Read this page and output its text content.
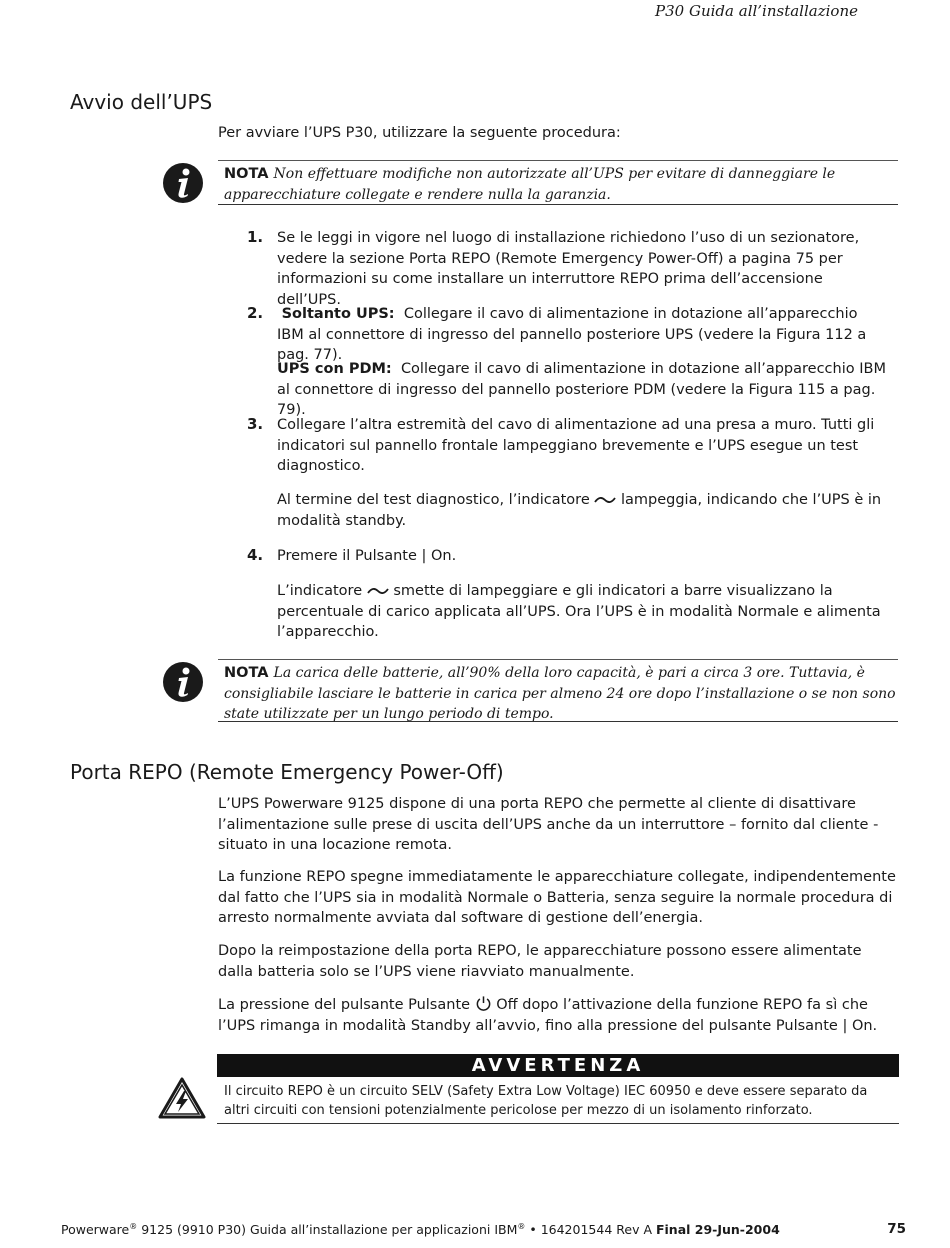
P30 Guida all’installazione
Avvio dell’UPS
Per avviare l’UPS P30, utilizzare la seguente procedura:
NOTA Non effettuare modifiche non autorizzate all’UPS per evitare di danneggiare le apparecchiature collegate e rendere nulla la garanzia.
1. Se le leggi in vigore nel luogo di installazione richiedono l’uso di un sezionatore, vedere la sezione Porta REPO (Remote Emergency Power-Off) a pagina 75 per informazioni su come installare un interruttore REPO prima dell’accensione dell’UPS.
2.	Soltanto UPS: Collegare il cavo di alimentazione in dotazione all’apparecchio IBM al connettore di ingresso del pannello posteriore UPS (vedere la Figura 112 a pag. 77).
UPS con PDM: Collegare il cavo di alimentazione in dotazione all’apparecchio IBM al connettore di ingresso del pannello posteriore PDM (vedere la Figura 115 a pag. 79).
3. Collegare l’altra estremità del cavo di alimentazione ad una presa a muro. Tutti gli indicatori sul pannello frontale lampeggiano brevemente e l’UPS esegue un test diagnostico.
Al termine del test diagnostico, l’indicatore lampeggia, indicando che l’UPS è in modalità standby.
4. Premere il Pulsante | On.
L’indicatore smette di lampeggiare e gli indicatori a barre visualizzano la percentuale di carico applicata all’UPS. Ora l’UPS è in modalità Normale e alimenta l’apparecchio.
NOTA La carica delle batterie, all’90% della loro capacità, è pari a circa 3 ore. Tuttavia, è consigliabile lasciare le batterie in carica per almeno 24 ore dopo l’installazione o se non sono state utilizzate per un lungo periodo di tempo.
Porta REPO (Remote Emergency Power-Off)
L’UPS Powerware 9125 dispone di una porta REPO che permette al cliente di disattivare l’alimentazione sulle prese di uscita dell’UPS anche da un interruttore – fornito dal cliente - situato in una locazione remota.
La funzione REPO spegne immediatamente le apparecchiature collegate, indipendentemente dal fatto che l’UPS sia in modalità Normale o Batteria, senza seguire la normale procedura di arresto normalmente avviata dal software di gestione dell’energia.
Dopo la reimpostazione della porta REPO, le apparecchiature possono essere alimentate dalla batteria solo se l’UPS viene riavviato manualmente.
La pressione del pulsante Pulsante Off dopo l’attivazione della funzione REPO fa sì che l’UPS rimanga in modalità Standby all’avvio, fino alla pressione del pulsante Pulsante | On.
AVVERTENZA
Il circuito REPO è un circuito SELV (Safety Extra Low Voltage) IEC 60950 e deve essere separato da altri circuiti con tensioni potenzialmente pericolose per mezzo di un isolamento rinforzato.
Powerware® 9125 (9910 P30) Guida all’installazione per applicazioni IBM® • 164201544 Rev A Final 29-Jun-2004	75
